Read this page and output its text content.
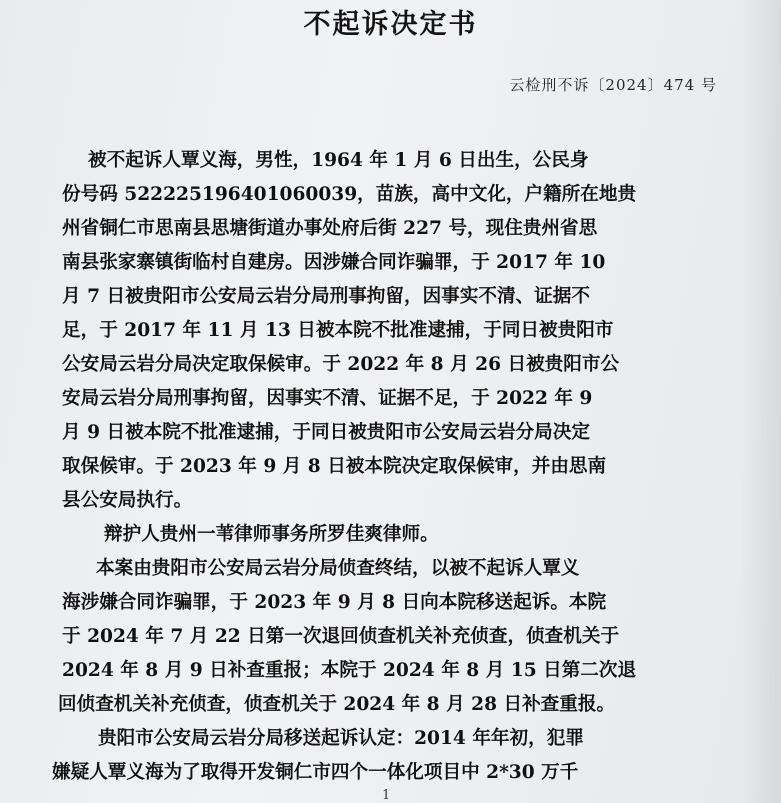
不起诉决定书

云检刑不诉〔2024〕474 号

被不起诉人覃义海，男性，1964 年 1 月 6 日出生，公民身

份号码 522225196401060039，苗族，高中文化，户籍所在地贵

州省铜仁市思南县思塘街道办事处府后街 227 号，现住贵州省思

南县张家寨镇街临村自建房。因涉嫌合同诈骗罪，于 2017 年 10

月 7 日被贵阳市公安局云岩分局刑事拘留，因事实不清、证据不

足，于 2017 年 11 月 13 日被本院不批准逮捕，于同日被贵阳市

公安局云岩分局决定取保候审。于 2022 年 8 月 26 日被贵阳市公

安局云岩分局刑事拘留，因事实不清、证据不足，于 2022 年 9

月 9 日被本院不批准逮捕，于同日被贵阳市公安局云岩分局决定

取保候审。于 2023 年 9 月 8 日被本院决定取保候审，并由思南

县公安局执行。

辩护人贵州一苇律师事务所罗佳爽律师。

本案由贵阳市公安局云岩分局侦查终结，以被不起诉人覃义

海涉嫌合同诈骗罪，于 2023 年 9 月 8 日向本院移送起诉。本院

于 2024 年 7 月 22 日第一次退回侦查机关补充侦查，侦查机关于

2024 年 8 月 9 日补查重报；本院于 2024 年 8 月 15 日第二次退

回侦查机关补充侦查，侦查机关于 2024 年 8 月 28 日补查重报。

贵阳市公安局云岩分局移送起诉认定：2014 年年初，犯罪

嫌疑人覃义海为了取得开发铜仁市四个一体化项目中 2*30 万千

1
